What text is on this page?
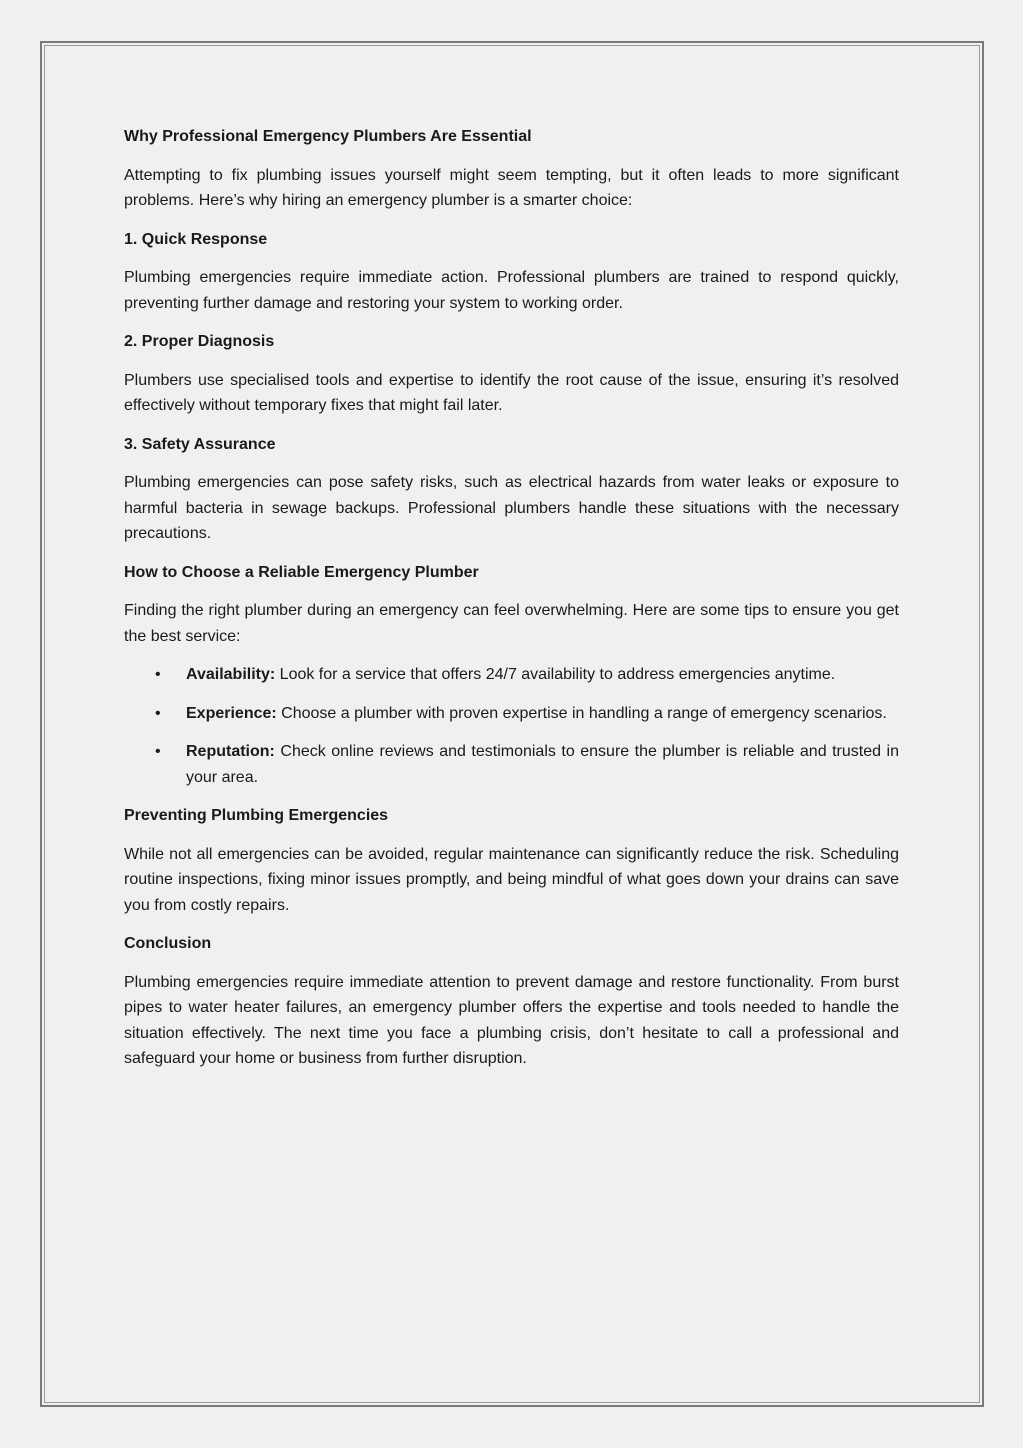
Why Professional Emergency Plumbers Are Essential
Attempting to fix plumbing issues yourself might seem tempting, but it often leads to more significant problems. Here’s why hiring an emergency plumber is a smarter choice:
1. Quick Response
Plumbing emergencies require immediate action. Professional plumbers are trained to respond quickly, preventing further damage and restoring your system to working order.
2. Proper Diagnosis
Plumbers use specialised tools and expertise to identify the root cause of the issue, ensuring it’s resolved effectively without temporary fixes that might fail later.
3. Safety Assurance
Plumbing emergencies can pose safety risks, such as electrical hazards from water leaks or exposure to harmful bacteria in sewage backups. Professional plumbers handle these situations with the necessary precautions.
How to Choose a Reliable Emergency Plumber
Finding the right plumber during an emergency can feel overwhelming. Here are some tips to ensure you get the best service:
• Availability: Look for a service that offers 24/7 availability to address emergencies anytime.
• Experience: Choose a plumber with proven expertise in handling a range of emergency scenarios.
• Reputation: Check online reviews and testimonials to ensure the plumber is reliable and trusted in your area.
Preventing Plumbing Emergencies
While not all emergencies can be avoided, regular maintenance can significantly reduce the risk. Scheduling routine inspections, fixing minor issues promptly, and being mindful of what goes down your drains can save you from costly repairs.
Conclusion
Plumbing emergencies require immediate attention to prevent damage and restore functionality. From burst pipes to water heater failures, an emergency plumber offers the expertise and tools needed to handle the situation effectively. The next time you face a plumbing crisis, don’t hesitate to call a professional and safeguard your home or business from further disruption.
